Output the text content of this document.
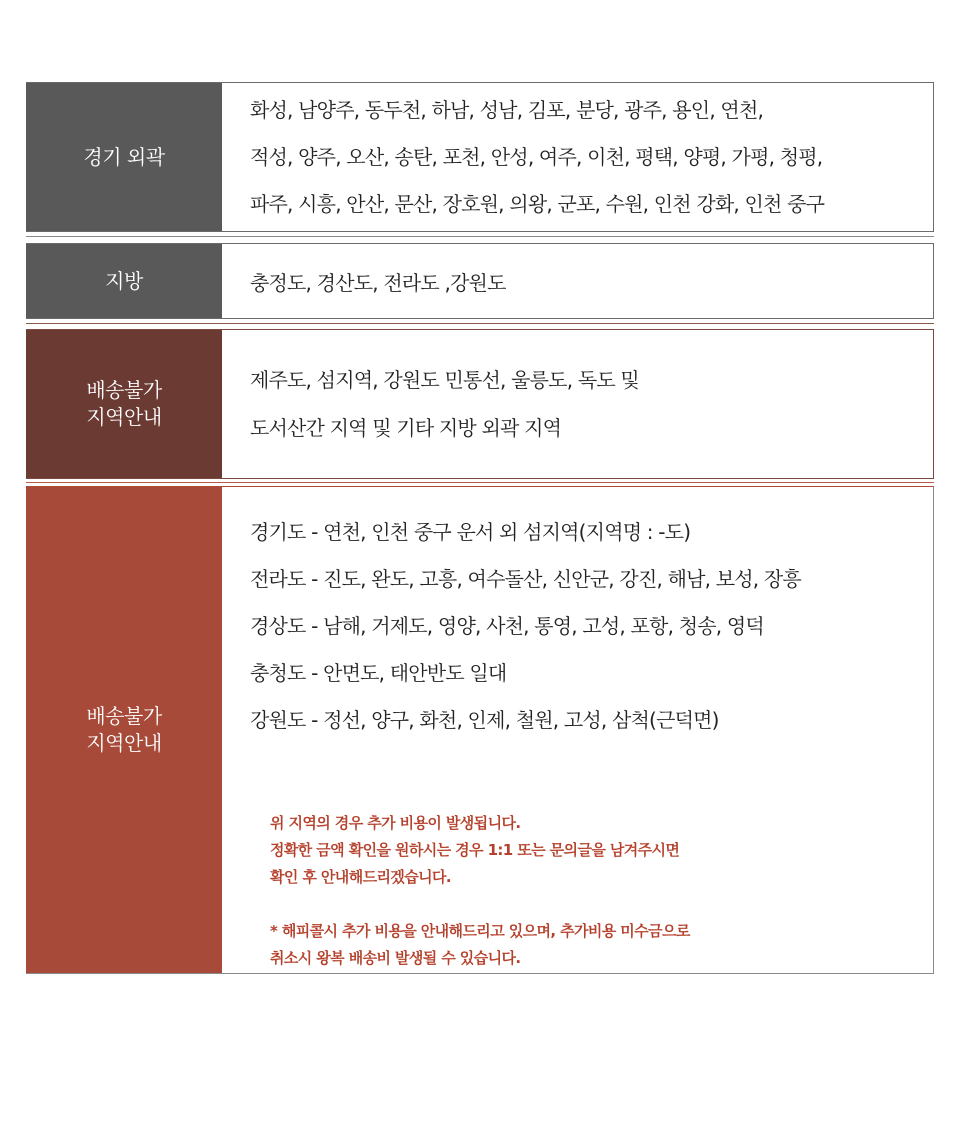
경기 외곽
화성, 남양주, 동두천, 하남, 성남, 김포, 분당, 광주, 용인, 연천,
적성, 양주, 오산, 송탄, 포천, 안성, 여주, 이천, 평택, 양평, 가평, 청평,
파주, 시흥, 안산, 문산, 장호원, 의왕, 군포, 수원, 인천 강화, 인천 중구
지방	충정도, 경산도, 전라도 ,강원도
배송불가
지역안내
제주도, 섬지역, 강원도 민통선, 울릉도, 독도 및
도서산간 지역 및 기타 지방 외곽 지역
배송불가
지역안내
경기도 - 연천, 인천 중구 운서 외 섬지역(지역명 : -도)
전라도 - 진도, 완도, 고흥, 여수돌산, 신안군, 강진, 해남, 보성, 장흥
경상도 - 남해, 거제도, 영양, 사천, 통영, 고성, 포항, 청송, 영덕
충청도 - 안면도, 태안반도 일대
강원도 - 정선, 양구, 화천, 인제, 철원, 고성, 삼척(근덕면)
위 지역의 경우 추가 비용이 발생됩니다.
정확한 금액 확인을 원하시는 경우 1:1 또는 문의글을 남겨주시면
확인 후 안내해드리겠습니다.
* 해피콜시 추가 비용을 안내해드리고 있으며, 추가비용 미수금으로
취소시 왕복 배송비 발생될 수 있습니다.
